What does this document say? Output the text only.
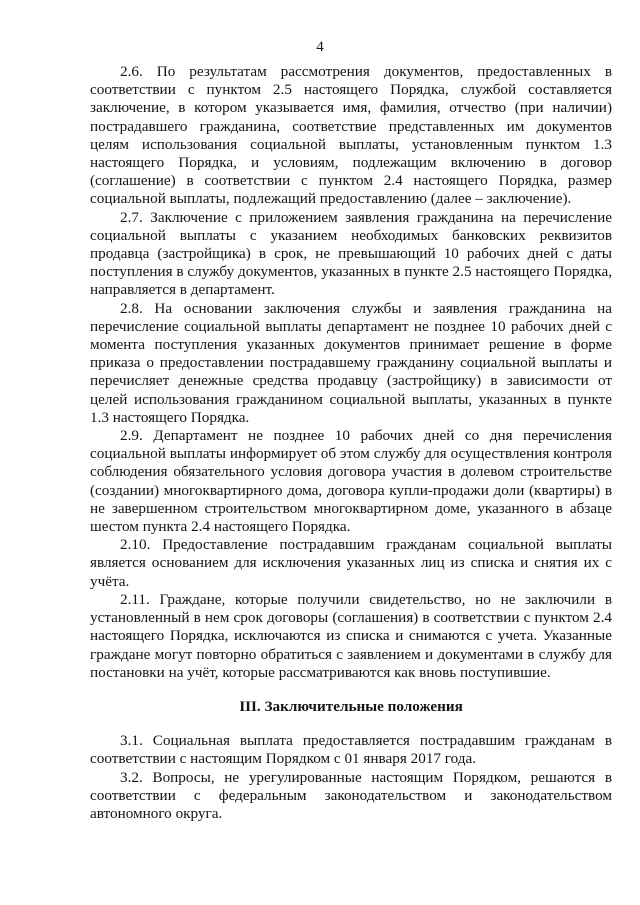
4

2.6. По результатам рассмотрения документов, предоставленных в соответствии с пунктом 2.5 настоящего Порядка, службой составляется заключение, в котором указывается имя, фамилия, отчество (при наличии) пострадавшего гражданина, соответствие представленных им документов целям использования социальной выплаты, установленным пунктом 1.3 настоящего Порядка, и условиям, подлежащим включению в договор (соглашение) в соответствии с пунктом 2.4 настоящего Порядка, размер социальной выплаты, подлежащий предоставлению (далее – заключение).

2.7. Заключение с приложением заявления гражданина на перечисление социальной выплаты с указанием необходимых банковских реквизитов продавца (застройщика) в срок, не превышающий 10 рабочих дней с даты поступления в службу документов, указанных в пункте 2.5 настоящего Порядка, направляется в департамент.

2.8. На основании заключения службы и заявления гражданина на перечисление социальной выплаты департамент не позднее 10 рабочих дней с момента поступления указанных документов принимает решение в форме приказа о предоставлении пострадавшему гражданину социальной выплаты и перечисляет денежные средства продавцу (застройщику) в зависимости от целей использования гражданином социальной выплаты, указанных в пункте 1.3 настоящего Порядка.

2.9. Департамент не позднее 10 рабочих дней со дня перечисления социальной выплаты информирует об этом службу для осуществления контроля соблюдения обязательного условия договора участия в долевом строительстве (создании) многоквартирного дома, договора купли-продажи доли (квартиры) в не завершенном строительством многоквартирном доме, указанного в абзаце шестом пункта 2.4 настоящего Порядка.

2.10. Предоставление пострадавшим гражданам социальной выплаты является основанием для исключения указанных лиц из списка и снятия их с учёта.

2.11. Граждане, которые получили свидетельство, но не заключили в установленный в нем срок договоры (соглашения) в соответствии с пунктом 2.4 настоящего Порядка, исключаются из списка и снимаются с учета. Указанные граждане могут повторно обратиться с заявлением и документами в службу для постановки на учёт, которые рассматриваются как вновь поступившие.

III. Заключительные положения

3.1. Социальная выплата предоставляется пострадавшим гражданам в соответствии с настоящим Порядком с 01 января 2017 года.

3.2. Вопросы, не урегулированные настоящим Порядком, решаются в соответствии с федеральным законодательством и законодательством автономного округа.
